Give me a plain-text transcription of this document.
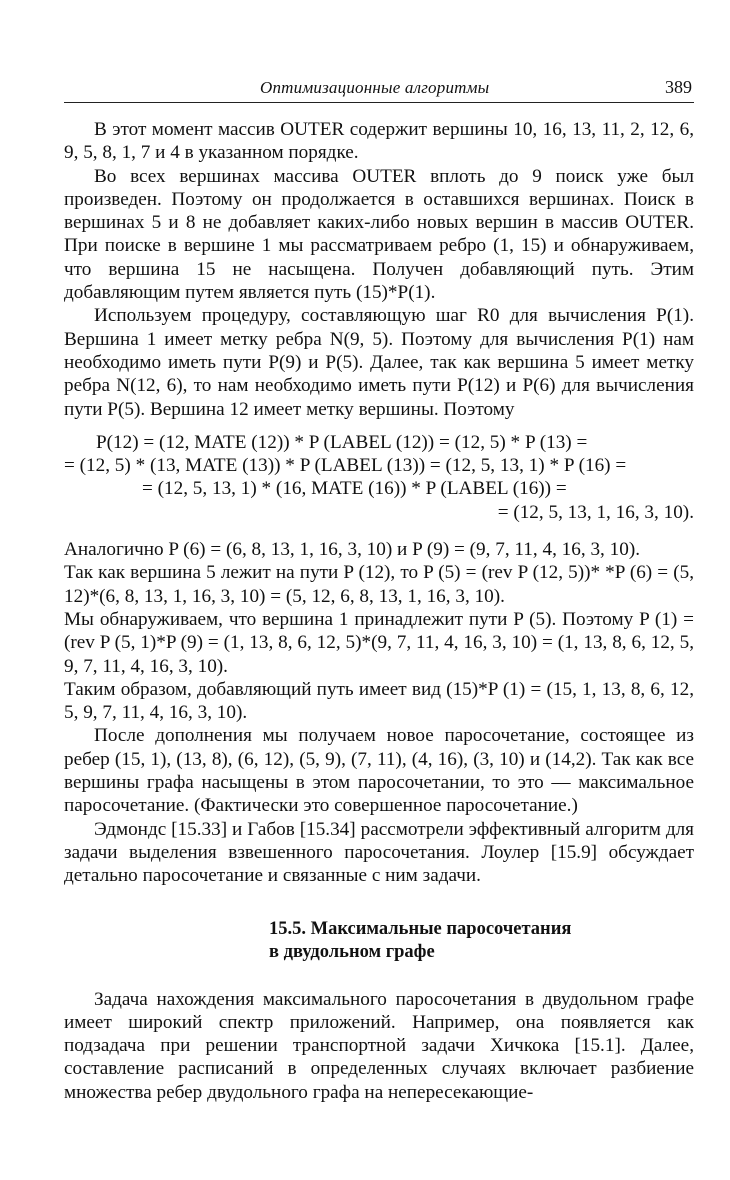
Оптимизационные алгоритмы	389

В этот момент массив OUTER содержит вершины 10, 16, 13, 11, 2, 12, 6, 9, 5, 8, 1, 7 и 4 в указанном порядке.

Во всех вершинах массива OUTER вплоть до 9 поиск уже был произведен. Поэтому он продолжается в оставшихся вершинах. Поиск в вершинах 5 и 8 не добавляет каких-либо новых вершин в массив OUTER. При поиске в вершине 1 мы рассматриваем ребро (1, 15) и обнаруживаем, что вершина 15 не насыщена. Получен добавляющий путь. Этим добавляющим путем является путь (15)*P(1).

Используем процедуру, составляющую шаг R0 для вычисления P(1). Вершина 1 имеет метку ребра N(9, 5). Поэтому для вычисления P(1) нам необходимо иметь пути P(9) и P(5). Далее, так как вершина 5 имеет метку ребра N(12, 6), то нам необходимо иметь пути P(12) и P(6) для вычисления пути P(5). Вершина 12 имеет метку вершины. Поэтому

P(12) = (12, MATE (12)) * P (LABEL (12)) = (12, 5) * P (13) =
= (12, 5) * (13, MATE (13)) * P (LABEL (13)) = (12, 5, 13, 1) * P (16) =
= (12, 5, 13, 1) * (16, MATE (16)) * P (LABEL (16)) =
= (12, 5, 13, 1, 16, 3, 10).

Аналогично P (6) = (6, 8, 13, 1, 16, 3, 10) и P (9) = (9, 7, 11, 4, 16, 3, 10).

Так как вершина 5 лежит на пути P (12), то P (5) = (rev P (12, 5))* *P (6) = (5, 12)*(6, 8, 13, 1, 16, 3, 10) = (5, 12, 6, 8, 13, 1, 16, 3, 10).

Мы обнаруживаем, что вершина 1 принадлежит пути P (5). Поэтому P (1) = (rev P (5, 1)*P (9) = (1, 13, 8, 6, 12, 5)*(9, 7, 11, 4, 16, 3, 10) = (1, 13, 8, 6, 12, 5, 9, 7, 11, 4, 16, 3, 10).

Таким образом, добавляющий путь имеет вид (15)*P (1) = (15, 1, 13, 8, 6, 12, 5, 9, 7, 11, 4, 16, 3, 10).

После дополнения мы получаем новое паросочетание, состоящее из ребер (15, 1), (13, 8), (6, 12), (5, 9), (7, 11), (4, 16), (3, 10) и (14,2). Так как все вершины графа насыщены в этом паросочетании, то это — максимальное паросочетание. (Фактически это совершенное паросочетание.)

Эдмондс [15.33] и Габов [15.34] рассмотрели эффективный алгоритм для задачи выделения взвешенного паросочетания. Лоулер [15.9] обсуждает детально паросочетание и связанные с ним задачи.

15.5. Максимальные паросочетания
в двудольном графе

Задача нахождения максимального паросочетания в двудольном графе имеет широкий спектр приложений. Например, она появляется как подзадача при решении транспортной задачи Хичкока [15.1]. Далее, составление расписаний в определенных случаях включает разбиение множества ребер двудольного графа на непересекающие-
